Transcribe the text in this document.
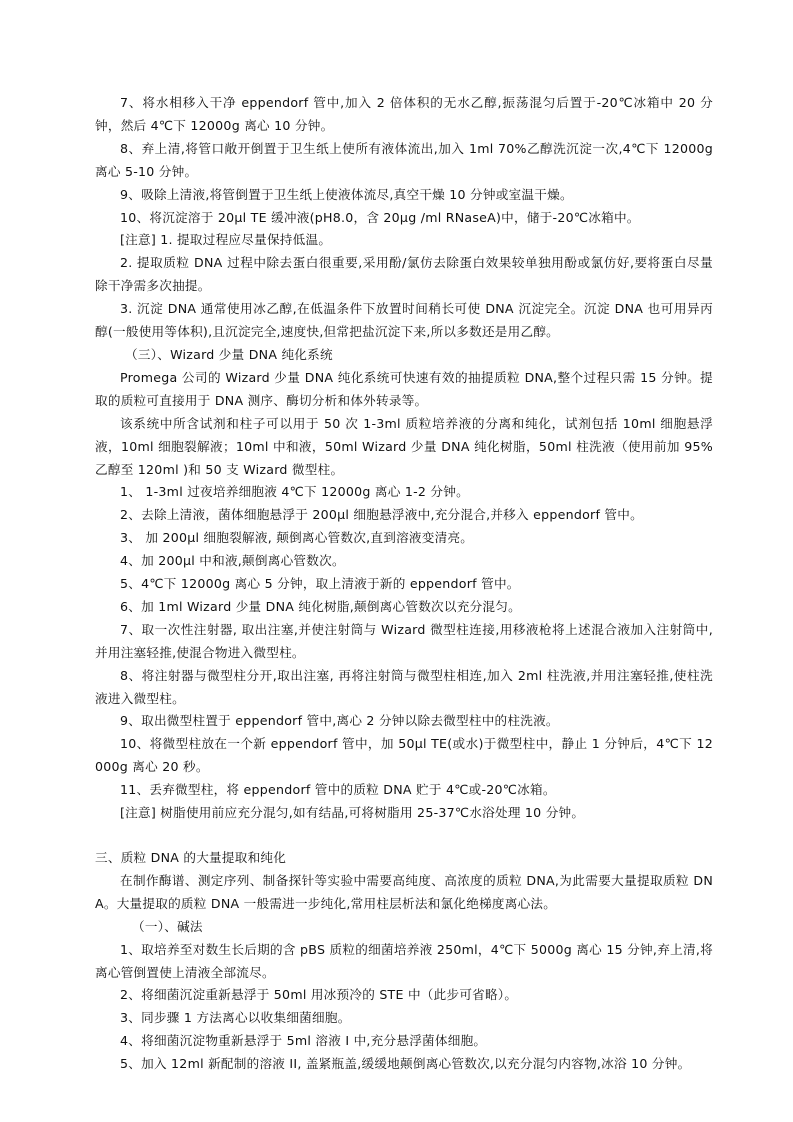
7、将水相移入干净 eppendorf 管中,加入 2 倍体积的无水乙醇,振荡混匀后置于-20℃冰箱中 20 分钟，然后 4℃下 12000g 离心 10 分钟。

8、弃上清,将管口敞开倒置于卫生纸上使所有液体流出,加入 1ml 70%乙醇洗沉淀一次,4℃下 12000g 离心 5-10 分钟。

9、吸除上清液,将管倒置于卫生纸上使液体流尽,真空干燥 10 分钟或室温干燥。

10、将沉淀溶于 20μl TE 缓冲液(pH8.0，含 20μg /ml RNaseA)中，储于-20℃冰箱中。

[注意] 1. 提取过程应尽量保持低温。

2. 提取质粒 DNA 过程中除去蛋白很重要,采用酚/氯仿去除蛋白效果较单独用酚或氯仿好,要将蛋白尽量除干净需多次抽提。

3. 沉淀 DNA 通常使用冰乙醇,在低温条件下放置时间稍长可使 DNA 沉淀完全。沉淀 DNA 也可用异丙醇(一般使用等体积),且沉淀完全,速度快,但常把盐沉淀下来,所以多数还是用乙醇。

（三）、Wizard 少量 DNA 纯化系统

Promega 公司的 Wizard 少量 DNA 纯化系统可快速有效的抽提质粒 DNA,整个过程只需 15 分钟。提取的质粒可直接用于 DNA 测序、酶切分析和体外转录等。

该系统中所含试剂和柱子可以用于 50 次 1-3ml 质粒培养液的分离和纯化，试剂包括 10ml 细胞悬浮液，10ml 细胞裂解液；10ml 中和液，50ml Wizard 少量 DNA 纯化树脂，50ml 柱洗液（使用前加 95%乙醇至 120ml )和 50 支 Wizard 微型柱。

1、 1-3ml 过夜培养细胞液 4℃下 12000g 离心 1-2 分钟。

2、去除上清液，菌体细胞悬浮于 200μl 细胞悬浮液中,充分混合,并移入 eppendorf 管中。

3、 加 200μl 细胞裂解液, 颠倒离心管数次,直到溶液变清亮。

4、加 200μl 中和液,颠倒离心管数次。

5、4℃下 12000g 离心 5 分钟，取上清液于新的 eppendorf 管中。

6、加 1ml Wizard 少量 DNA 纯化树脂,颠倒离心管数次以充分混匀。

7、取一次性注射器, 取出注塞,并使注射筒与 Wizard 微型柱连接,用移液枪将上述混合液加入注射筒中,并用注塞轻推,使混合物进入微型柱。

8、将注射器与微型柱分开,取出注塞, 再将注射筒与微型柱相连,加入 2ml 柱洗液,并用注塞轻推,使柱洗液进入微型柱。

9、取出微型柱置于 eppendorf 管中,离心 2 分钟以除去微型柱中的柱洗液。

10、将微型柱放在一个新 eppendorf 管中，加 50μl TE(或水)于微型柱中，静止 1 分钟后，4℃下 12000g 离心 20 秒。

11、丢弃微型柱，将 eppendorf 管中的质粒 DNA 贮于 4℃或-20℃冰箱。

[注意] 树脂使用前应充分混匀,如有结晶,可将树脂用 25-37℃水浴处理 10 分钟。

三、质粒 DNA 的大量提取和纯化

在制作酶谱、测定序列、制备探针等实验中需要高纯度、高浓度的质粒 DNA,为此需要大量提取质粒 DNA。大量提取的质粒 DNA 一般需进一步纯化,常用柱层析法和氯化绝梯度离心法。

（一）、碱法

1、取培养至对数生长后期的含 pBS 质粒的细菌培养液 250ml，4℃下 5000g 离心 15 分钟,弃上清,将离心管倒置使上清液全部流尽。

2、将细菌沉淀重新悬浮于 50ml 用冰预冷的 STE 中（此步可省略）。

3、同步骤 1 方法离心以收集细菌细胞。

4、将细菌沉淀物重新悬浮于 5ml 溶液 I 中,充分悬浮菌体细胞。

5、加入 12ml 新配制的溶液 II, 盖紧瓶盖,缓缓地颠倒离心管数次,以充分混匀内容物,冰浴 10 分钟。
